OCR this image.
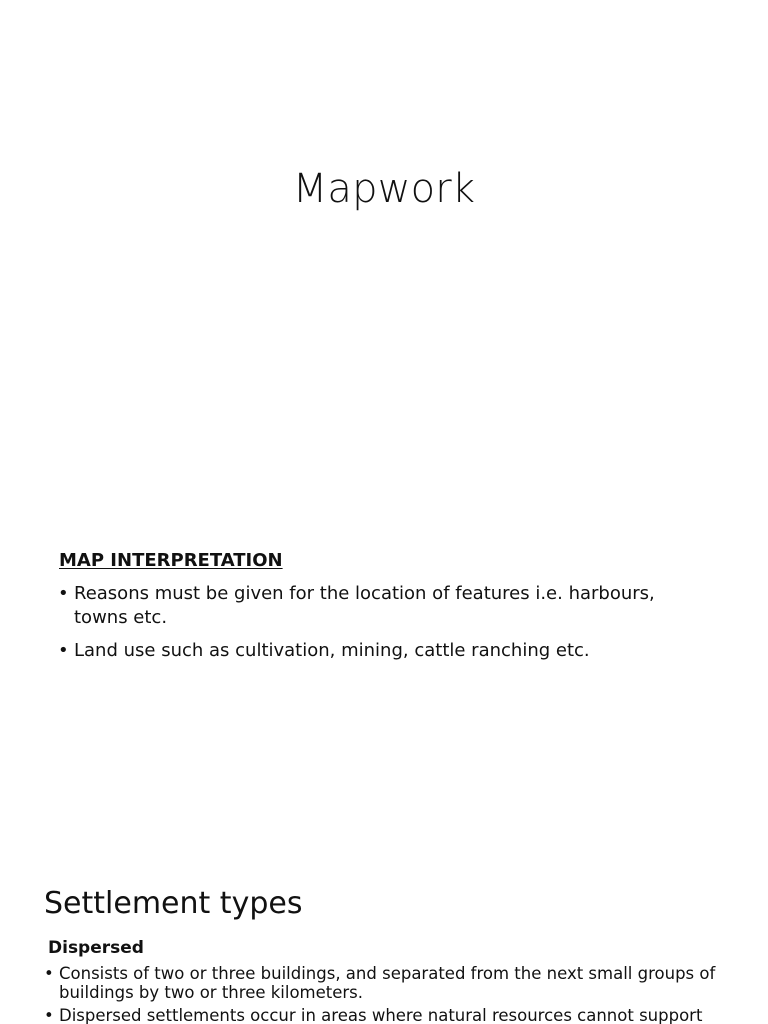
Mapwork
MAP INTERPRETATION
• Reasons must be given for the location of features i.e. harbours, towns etc.
• Land use such as cultivation, mining, cattle ranching etc.
Settlement types
Dispersed
• Consists of two or three buildings, and separated from the next small groups of buildings by two or three kilometers.
• Dispersed settlements occur in areas where natural resources cannot support
